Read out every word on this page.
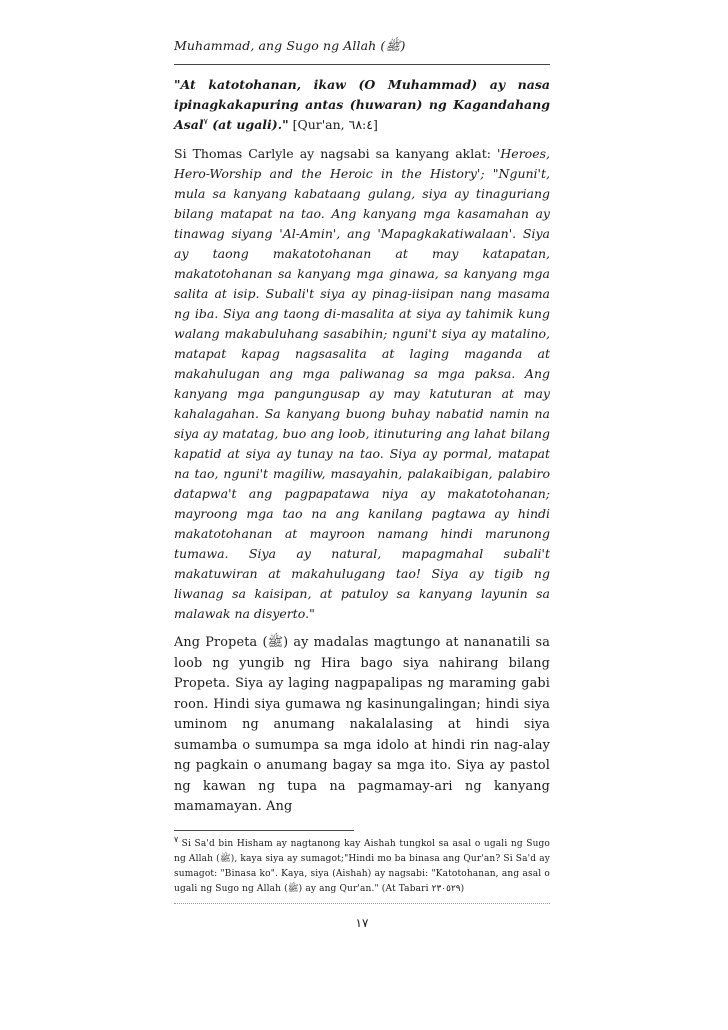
Muhammad, ang Sugo ng Allah (ﷺ)

"At katotohanan, ikaw (O Muhammad) ay nasa ipinagkakapuring antas (huwaran) ng Kagandahang Asal$^٧$ (at ugali)." [Qur'an, ٦٨:٤]

Si Thomas Carlyle ay nagsabi sa kanyang aklat: 'Heroes, Hero-Worship and the Heroic in the History'; "Nguni't, mula sa kanyang kabataang gulang, siya ay tinaguriang bilang matapat na tao. Ang kanyang mga kasamahan ay tinawag siyang 'Al-Amin', ang 'Mapagkakatiwalaan'. Siya ay taong makatotohanan at may katapatan, makatotohanan sa kanyang mga ginawa, sa kanyang mga salita at isip. Subali't siya ay pinag-iisipan nang masama ng iba. Siya ang taong di-masalita at siya ay tahimik kung walang makabuluhang sasabihin; nguni't siya ay matalino, matapat kapag nagsasalita at laging maganda at makahulugan ang mga paliwanag sa mga paksa. Ang kanyang mga pangungusap ay may katuturan at may kahalagahan. Sa kanyang buong buhay nabatid namin na siya ay matatag, buo ang loob, itinuturing ang lahat bilang kapatid at siya ay tunay na tao. Siya ay pormal, matapat na tao, nguni't magiliw, masayahin, palakaibigan, palabiro datapwa't ang pagpapatawa niya ay makatotohanan; mayroong mga tao na ang kanilang pagtawa ay hindi makatotohanan at mayroon namang hindi marunong tumawa. Siya ay natural, mapagmahal subali't makatuwiran at makahulugang tao! Siya ay tigib ng liwanag sa kaisipan, at patuloy sa kanyang layunin sa malawak na disyerto."

Ang Propeta (ﷺ) ay madalas magtungo at nananatili sa loob ng yungib ng Hira bago siya nahirang bilang Propeta. Siya ay laging nagpapalipas ng maraming gabi roon. Hindi siya gumawa ng kasinungalingan; hindi siya uminom ng anumang nakalalasing at hindi siya sumamba o sumumpa sa mga idolo at hindi rin nag-alay ng pagkain o anumang bagay sa mga ito. Siya ay pastol ng kawan ng tupa na pagmamay-ari ng kanyang mamamayan. Ang

$^٧$ Si Sa'd bin Hisham ay nagtanong kay Aishah tungkol sa asal o ugali ng Sugo ng Allah (ﷺ), kaya siya ay sumagot;"Hindi mo ba binasa ang Qur'an? Si Sa'd ay sumagot: "Binasa ko". Kaya, siya (Aishah) ay nagsabi: "Katotohanan, ang asal o ugali ng Sugo ng Allah (ﷺ) ay ang Qur'an." (At Tabari ٢٣٠٥٢٩)

١٧
